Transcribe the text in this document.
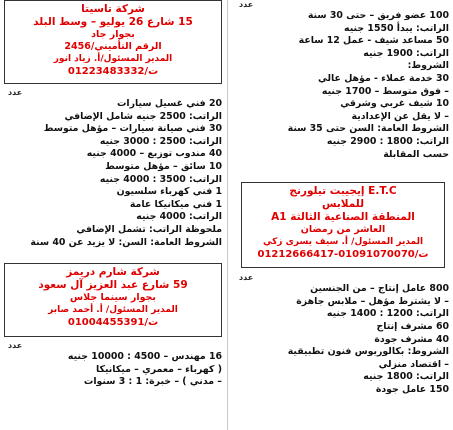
عدد
100 عضو فريق – حتى 30 سنة
الراتب: يبدأ 1550 جنيه
50 مساعد شيف - عمل 12 ساعة
الراتب: 1900 جنيه
الشروط:
30 خدمة عملاء - مؤهل عالي
– فوق متوسط – 1700 جنيه
10 شيف غربي وشرقي
– لا يقل عن الإعدادية
الشروط العامة: السن حتى 35 سنة
الراتب: 1800 : 2900 جنيه
حسب المقابلة
E.T.C إيجيبت تيلورنج
للملابس
المنطقة الصناعية الثالثة A1
العاشر من رمضان
المدير المسئول/ أ. سيف يسرى زكي
01212666417-01091070070/ت
عدد
800 عامل إنتاج – من الجنسين
– لا يشترط مؤهل – ملابس جاهزة
الراتب: 1200 : 1400 جنيه
60 مشرف إنتاج
40 مشرف جودة
الشروط: بكالوريوس فنون تطبيقية
– اقتصاد منزلي
الراتب: 1800 جنيه
150 عامل جودة
شركة تاسيتا
15 شارع 26 يوليو – وسط البلد
بجوار جاد
الرقم التأميني/2456
المدير المسئول/أ. زياد انور
01223483332/ت
عدد
20 فني غسيل سيارات
الراتب: 2500 جنيه شامل الإضافي
30 فني صيانة سيارات – مؤهل متوسط
الراتب: 2500 : 3000 جنيه
40 مندوب توزيع – 4000 جنيه
10 سائق – مؤهل متوسط
الراتب: 3500 : 4000 جنيه
1 فني كهرباء سلسيون
1 فني ميكانيكا عامة
الراتب: 4000 جنيه
ملحوظة الراتب: تشمل الإضافي
الشروط العامة: السن: لا يزيد عن 40 سنة
شركة شارم دريمز
59 شارع عبد العزيز آل سعود
بجوار سينما جلاس
المدير المسئول/ أ. أحمد صابر
01004455391/ت
عدد
16 مهندس – 4500 : 10000 جنيه
( كهرباء – معمري – ميكانيكا
– مدني ) – خبرة: 1 : 3 سنوات
